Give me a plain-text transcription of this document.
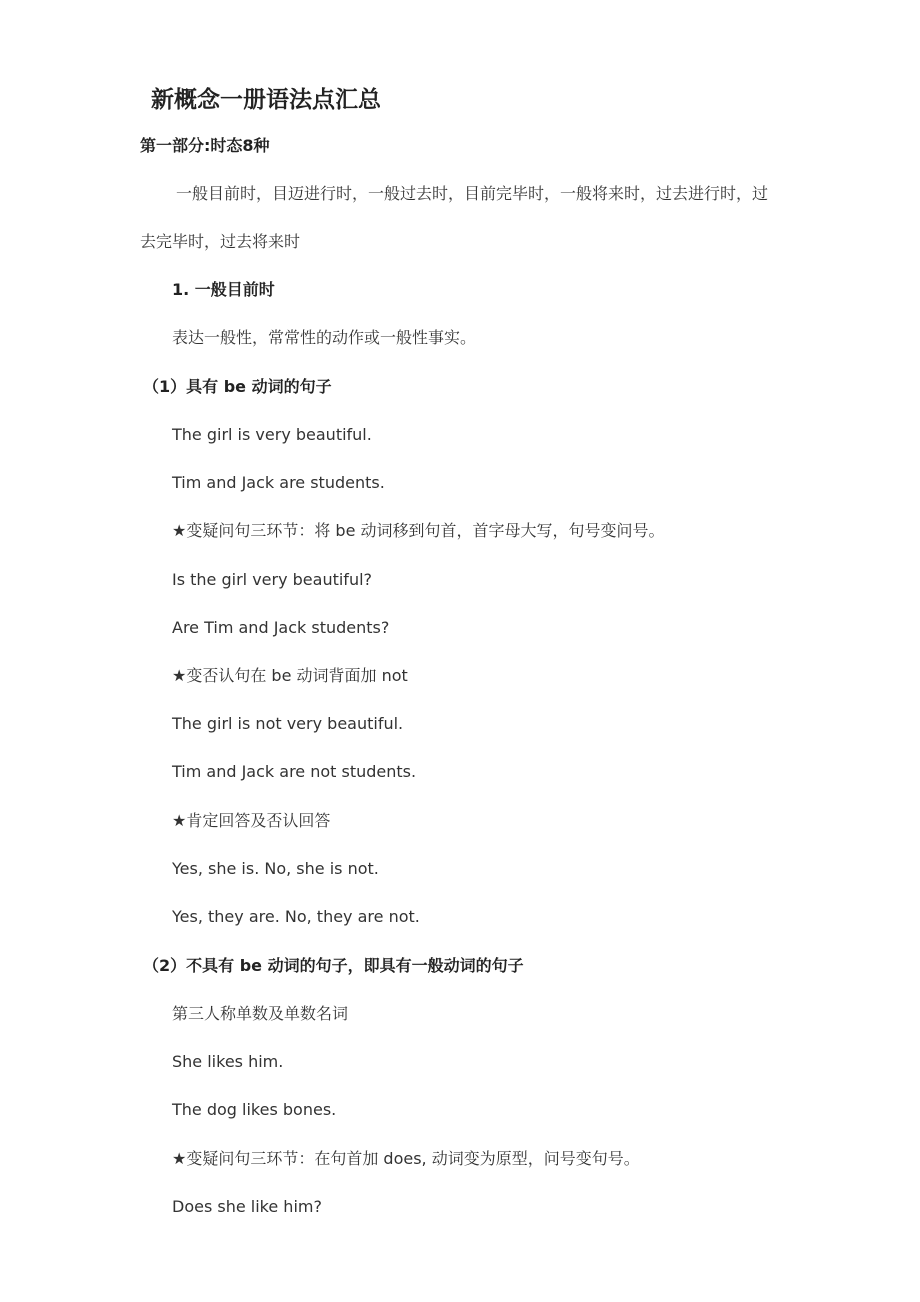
新概念一册语法点汇总
第一部分:时态8种
一般目前时，目迈进行时，一般过去时，目前完毕时，一般将来时，过去进行时，过
去完毕时，过去将来时
1. 一般目前时
表达一般性，常常性的动作或一般性事实。
（1）具有 be 动词的句子
The girl is very beautiful.
Tim and Jack are students.
★变疑问句三环节：将 be 动词移到句首，首字母大写，句号变问号。
Is the girl very beautiful?
Are Tim and Jack students?
★变否认句在 be 动词背面加 not
The girl is not very beautiful.
Tim and Jack are not students.
★肯定回答及否认回答
Yes, she is. No, she is not.
Yes, they are. No, they are not.
（2）不具有 be 动词的句子，即具有一般动词的句子
第三人称单数及单数名词
She likes him.
The dog likes bones.
★变疑问句三环节：在句首加 does, 动词变为原型，问号变句号。
Does she like him?
